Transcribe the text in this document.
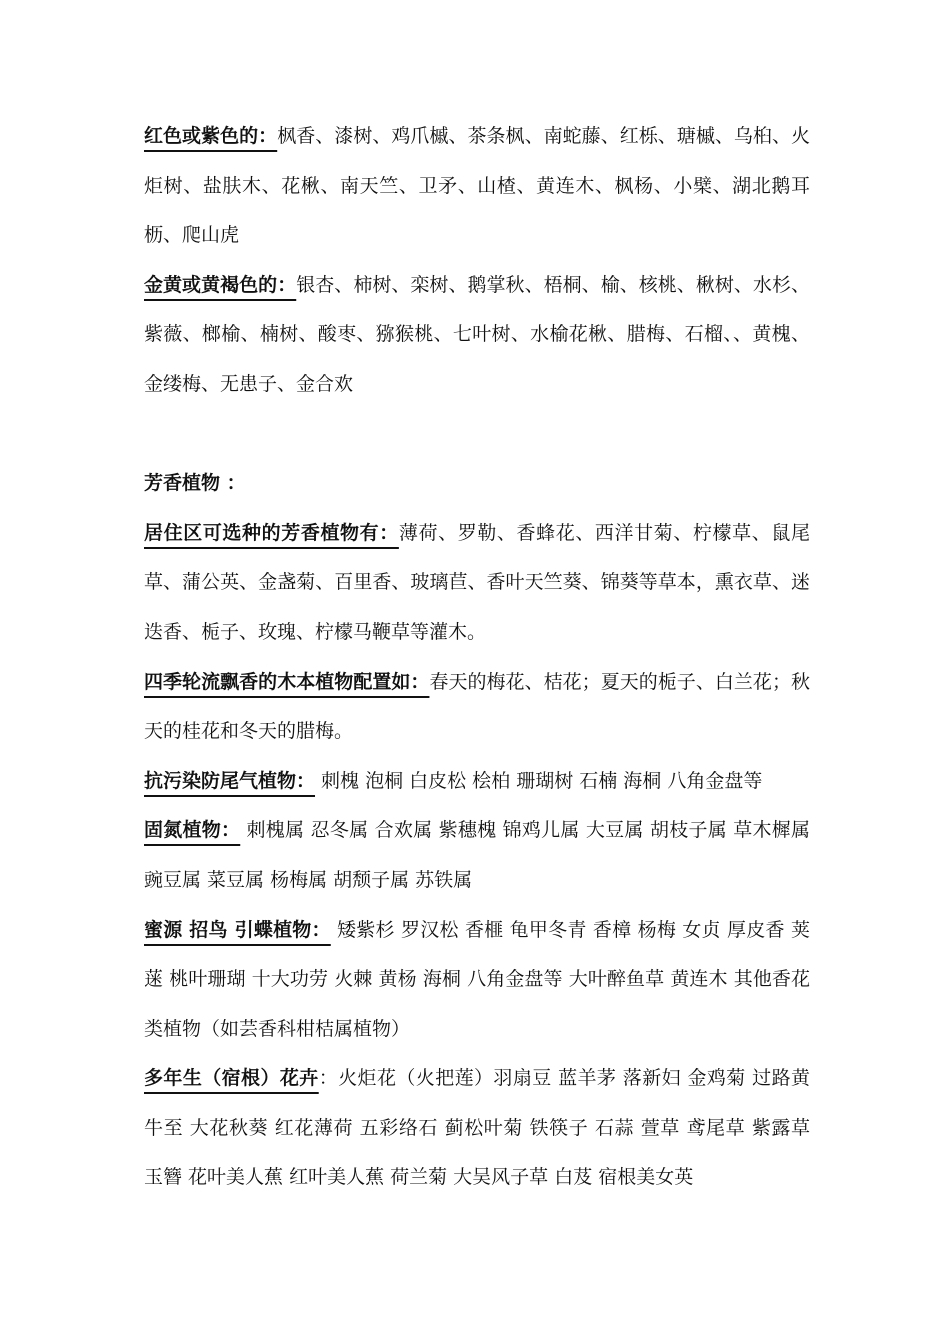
红色或紫色的：枫香、漆树、鸡爪槭、茶条枫、南蛇藤、红栎、瑭槭、乌桕、火炬树、盐肤木、花楸、南天竺、卫矛、山楂、黄连木、枫杨、小檗、湖北鹅耳枥、爬山虎

金黄或黄褐色的：银杏、柿树、栾树、鹅掌秋、梧桐、榆、核桃、楸树、水杉、紫薇、榔榆、楠树、酸枣、猕猴桃、七叶树、水榆花楸、腊梅、石榴、、黄槐、金缕梅、无患子、金合欢

芳香植物 ：

居住区可选种的芳香植物有：薄荷、罗勒、香蜂花、西洋甘菊、柠檬草、鼠尾草、蒲公英、金盏菊、百里香、玻璃苣、香叶天竺葵、锦葵等草本，熏衣草、迷迭香、栀子、玫瑰、柠檬马鞭草等灌木。

四季轮流飘香的木本植物配置如：春天的梅花、桔花；夏天的栀子、白兰花；秋天的桂花和冬天的腊梅。

抗污染防尾气植物： 刺槐 泡桐 白皮松 桧柏 珊瑚树 石楠 海桐 八角金盘等

固氮植物： 刺槐属 忍冬属 合欢属 紫穗槐 锦鸡儿属 大豆属 胡枝子属 草木樨属 豌豆属 菜豆属 杨梅属 胡颓子属 苏铁属

蜜源 招鸟 引蝶植物： 矮紫杉 罗汉松 香榧 龟甲冬青 香樟 杨梅 女贞 厚皮香 荚蒾 桃叶珊瑚 十大功劳 火棘 黄杨 海桐 八角金盘等 大叶醉鱼草 黄连木 其他香花类植物（如芸香科柑桔属植物）

多年生（宿根）花卉：火炬花（火把莲）羽扇豆 蓝羊茅 落新妇 金鸡菊 过路黄 牛至 大花秋葵 红花薄荷 五彩络石 蓟松叶菊 铁筷子 石蒜 萱草 鸢尾草 紫露草 玉簪 花叶美人蕉 红叶美人蕉 荷兰菊 大吴风子草 白芨 宿根美女英
